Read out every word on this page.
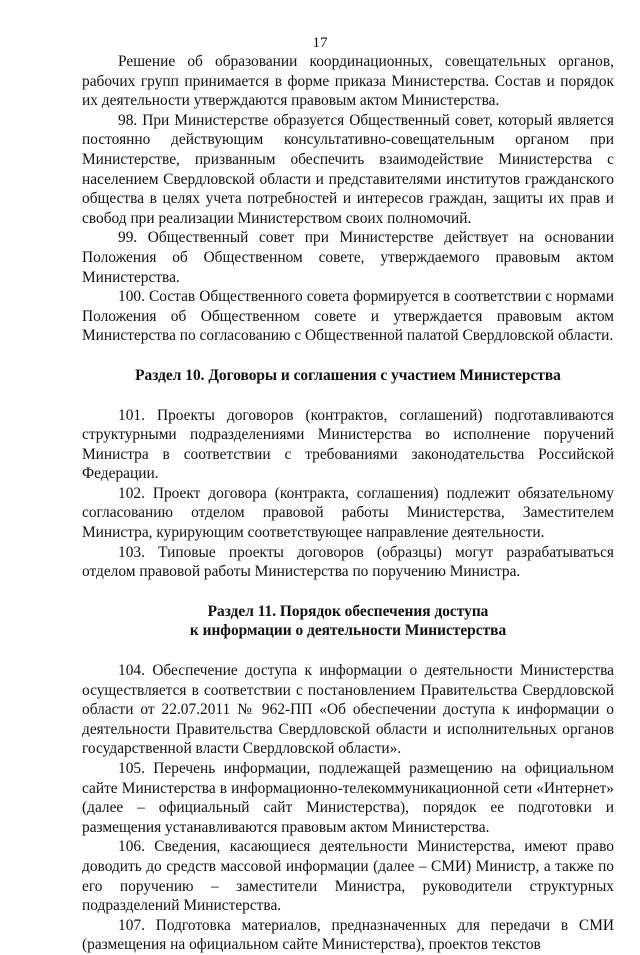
17

Решение об образовании координационных, совещательных органов, рабочих групп принимается в форме приказа Министерства. Состав и порядок их деятельности утверждаются правовым актом Министерства.

98. При Министерстве образуется Общественный совет, который является постоянно действующим консультативно-совещательным органом при Министерстве, призванным обеспечить взаимодействие Министерства с населением Свердловской области и представителями институтов гражданского общества в целях учета потребностей и интересов граждан, защиты их прав и свобод при реализации Министерством своих полномочий.

99. Общественный совет при Министерстве действует на основании Положения об Общественном совете, утверждаемого правовым актом Министерства.

100. Состав Общественного совета формируется в соответствии с нормами Положения об Общественном совете и утверждается правовым актом Министерства по согласованию с Общественной палатой Свердловской области.

Раздел 10. Договоры и соглашения с участием Министерства

101. Проекты договоров (контрактов, соглашений) подготавливаются структурными подразделениями Министерства во исполнение поручений Министра в соответствии с требованиями законодательства Российской Федерации.

102. Проект договора (контракта, соглашения) подлежит обязательному согласованию отделом правовой работы Министерства, Заместителем Министра, курирующим соответствующее направление деятельности.

103. Типовые проекты договоров (образцы) могут разрабатываться отделом правовой работы Министерства по поручению Министра.

Раздел 11. Порядок обеспечения доступа
к информации о деятельности Министерства

104. Обеспечение доступа к информации о деятельности Министерства осуществляется в соответствии с постановлением Правительства Свердловской области от 22.07.2011 № 962-ПП «Об обеспечении доступа к информации о деятельности Правительства Свердловской области и исполнительных органов государственной власти Свердловской области».

105. Перечень информации, подлежащей размещению на официальном сайте Министерства в информационно-телекоммуникационной сети «Интернет» (далее – официальный сайт Министерства), порядок ее подготовки и размещения устанавливаются правовым актом Министерства.

106. Сведения, касающиеся деятельности Министерства, имеют право доводить до средств массовой информации (далее – СМИ) Министр, а также по его поручению – заместители Министра, руководители структурных подразделений Министерства.

107. Подготовка материалов, предназначенных для передачи в СМИ (размещения на официальном сайте Министерства), проектов текстов
